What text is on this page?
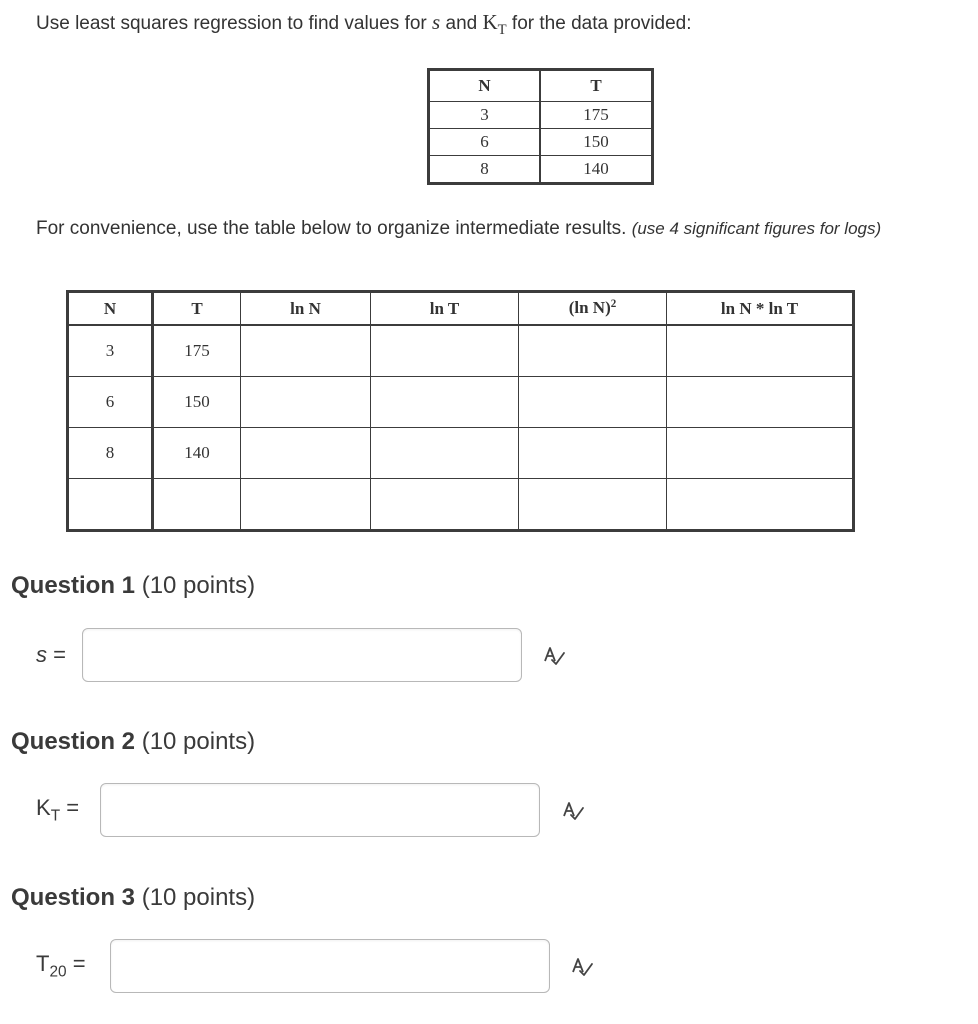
Use least squares regression to find values for s and $K_T$ for the data provided:
N	T
3	175
6	150
8	140
For convenience, use the table below to organize intermediate results. (use 4 significant figures for logs)
N	T	ln N	ln T	(ln N)$^2$	ln N * ln T
3	175				
6	150				
8	140				

Question 1 (10 points)
s =
Question 2 (10 points)
$K_T$ =
Question 3 (10 points)
$T_{20}$ =
